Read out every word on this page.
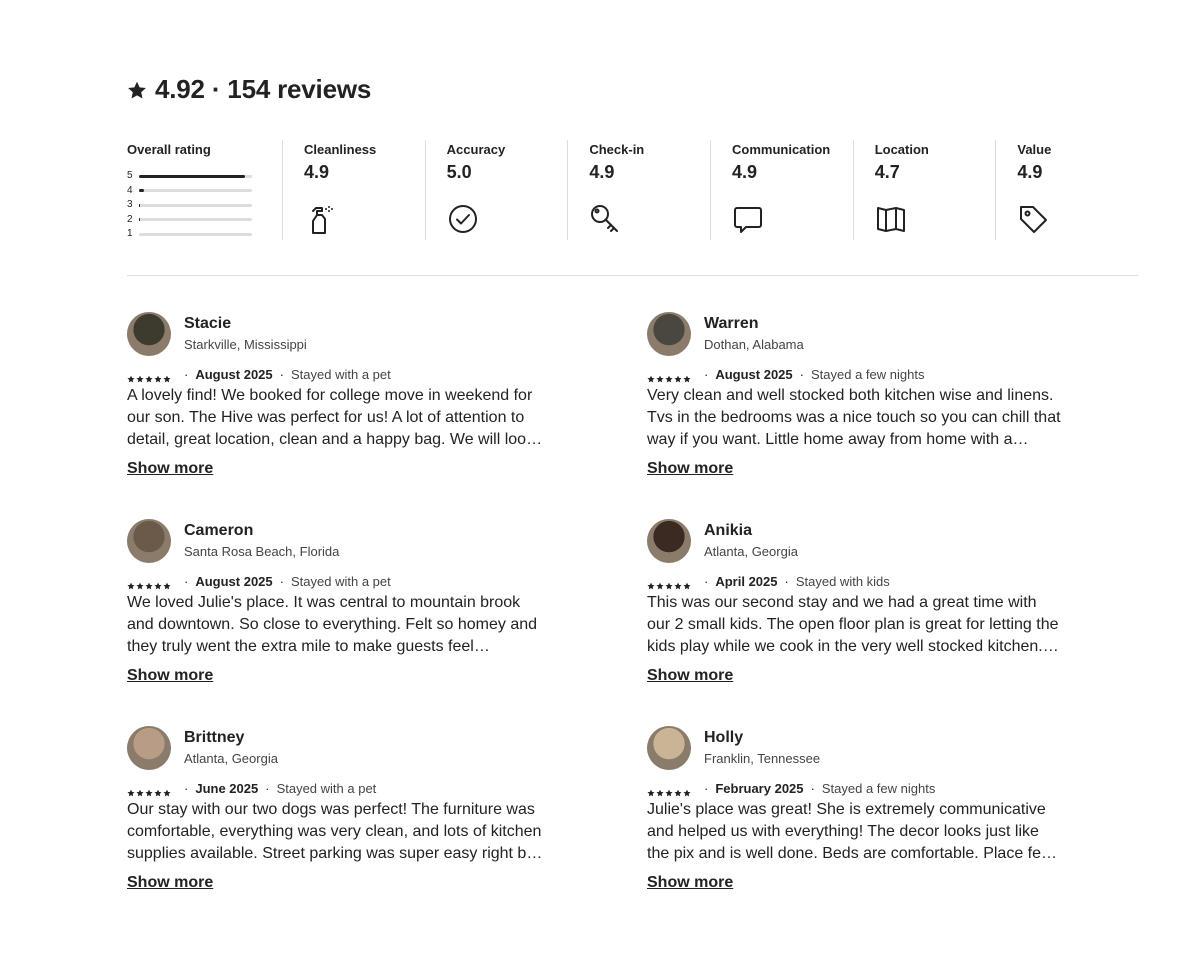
4.92 · 154 reviews
Overall rating
5
4
3
2
1
Cleanliness
4.9
Accuracy
5.0
Check-in
4.9
Communication
4.9
Location
4.7
Value
4.9
Stacie
Starkville, Mississippi
· August 2025 · Stayed with a pet
A lovely find! We booked for college move in weekend for our son. The Hive was perfect for us! A lot of attention to detail, great location, clean and a happy bag. We will look
Show more
Warren
Dothan, Alabama
· August 2025 · Stayed a few nights
Very clean and well stocked both kitchen wise and linens. Tvs in the bedrooms was a nice touch so you can chill that way if you want. Little home away from home with a
Show more
Cameron
Santa Rosa Beach, Florida
· August 2025 · Stayed with a pet
We loved Julie's place. It was central to mountain brook and downtown. So close to everything. Felt so homey and they truly went the extra mile to make guests feel
Show more
Anikia
Atlanta, Georgia
· April 2025 · Stayed with kids
This was our second stay and we had a great time with our 2 small kids. The open floor plan is great for letting the kids play while we cook in the very well stocked kitchen.
Show more
Brittney
Atlanta, Georgia
· June 2025 · Stayed with a pet
Our stay with our two dogs was perfect! The furniture was comfortable, everything was very clean, and lots of kitchen supplies available. Street parking was super easy right by
Show more
Holly
Franklin, Tennessee
· February 2025 · Stayed a few nights
Julie's place was great! She is extremely communicative and helped us with everything! The decor looks just like the pix and is well done. Beds are comfortable. Place feels
Show more
